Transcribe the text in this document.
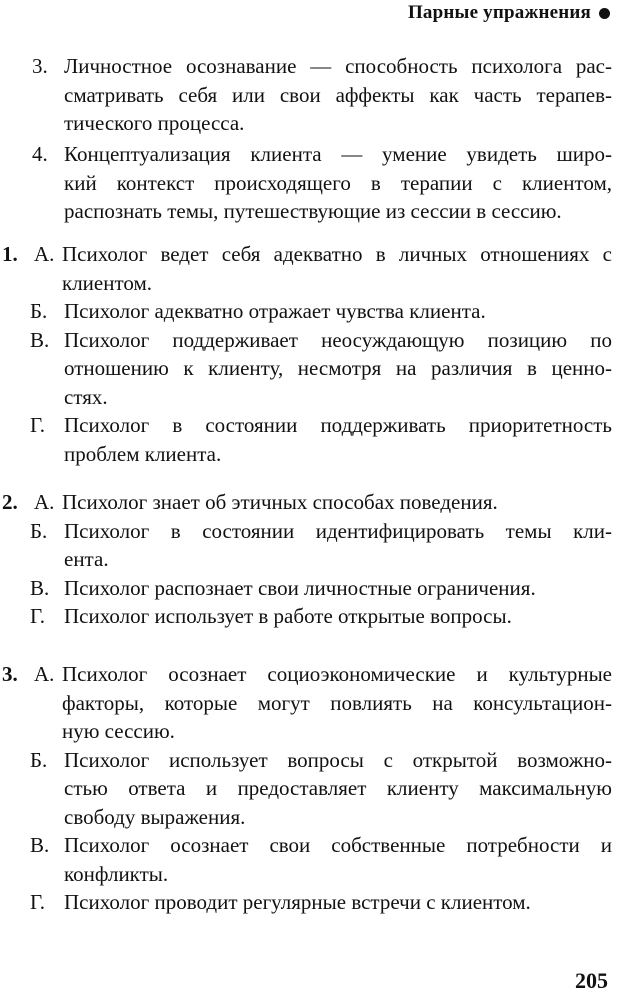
Парные упражнения
3. Личностное осознавание — способность психолога рас-
сматривать себя или свои аффекты как часть терапев-
тического процесса.
4. Концептуализация клиента — умение увидеть широ-
кий контекст происходящего в терапии с клиентом,
распознать темы, путешествующие из сессии в сессию.
1. А. Психолог ведет себя адекватно в личных отношениях с
клиентом.
Б. Психолог адекватно отражает чувства клиента.
В. Психолог поддерживает неосуждающую позицию по
отношению к клиенту, несмотря на различия в ценно-
стях.
Г. Психолог в состоянии поддерживать приоритетность
проблем клиента.
2. А. Психолог знает об этичных способах поведения.
Б. Психолог в состоянии идентифицировать темы кли-
ента.
В. Психолог распознает свои личностные ограничения.
Г. Психолог использует в работе открытые вопросы.
3. А. Психолог осознает социоэкономические и культурные
факторы, которые могут повлиять на консультацион-
ную сессию.
Б. Психолог использует вопросы с открытой возможно-
стью ответа и предоставляет клиенту максимальную
свободу выражения.
В. Психолог осознает свои собственные потребности и
конфликты.
Г. Психолог проводит регулярные встречи с клиентом.
205
